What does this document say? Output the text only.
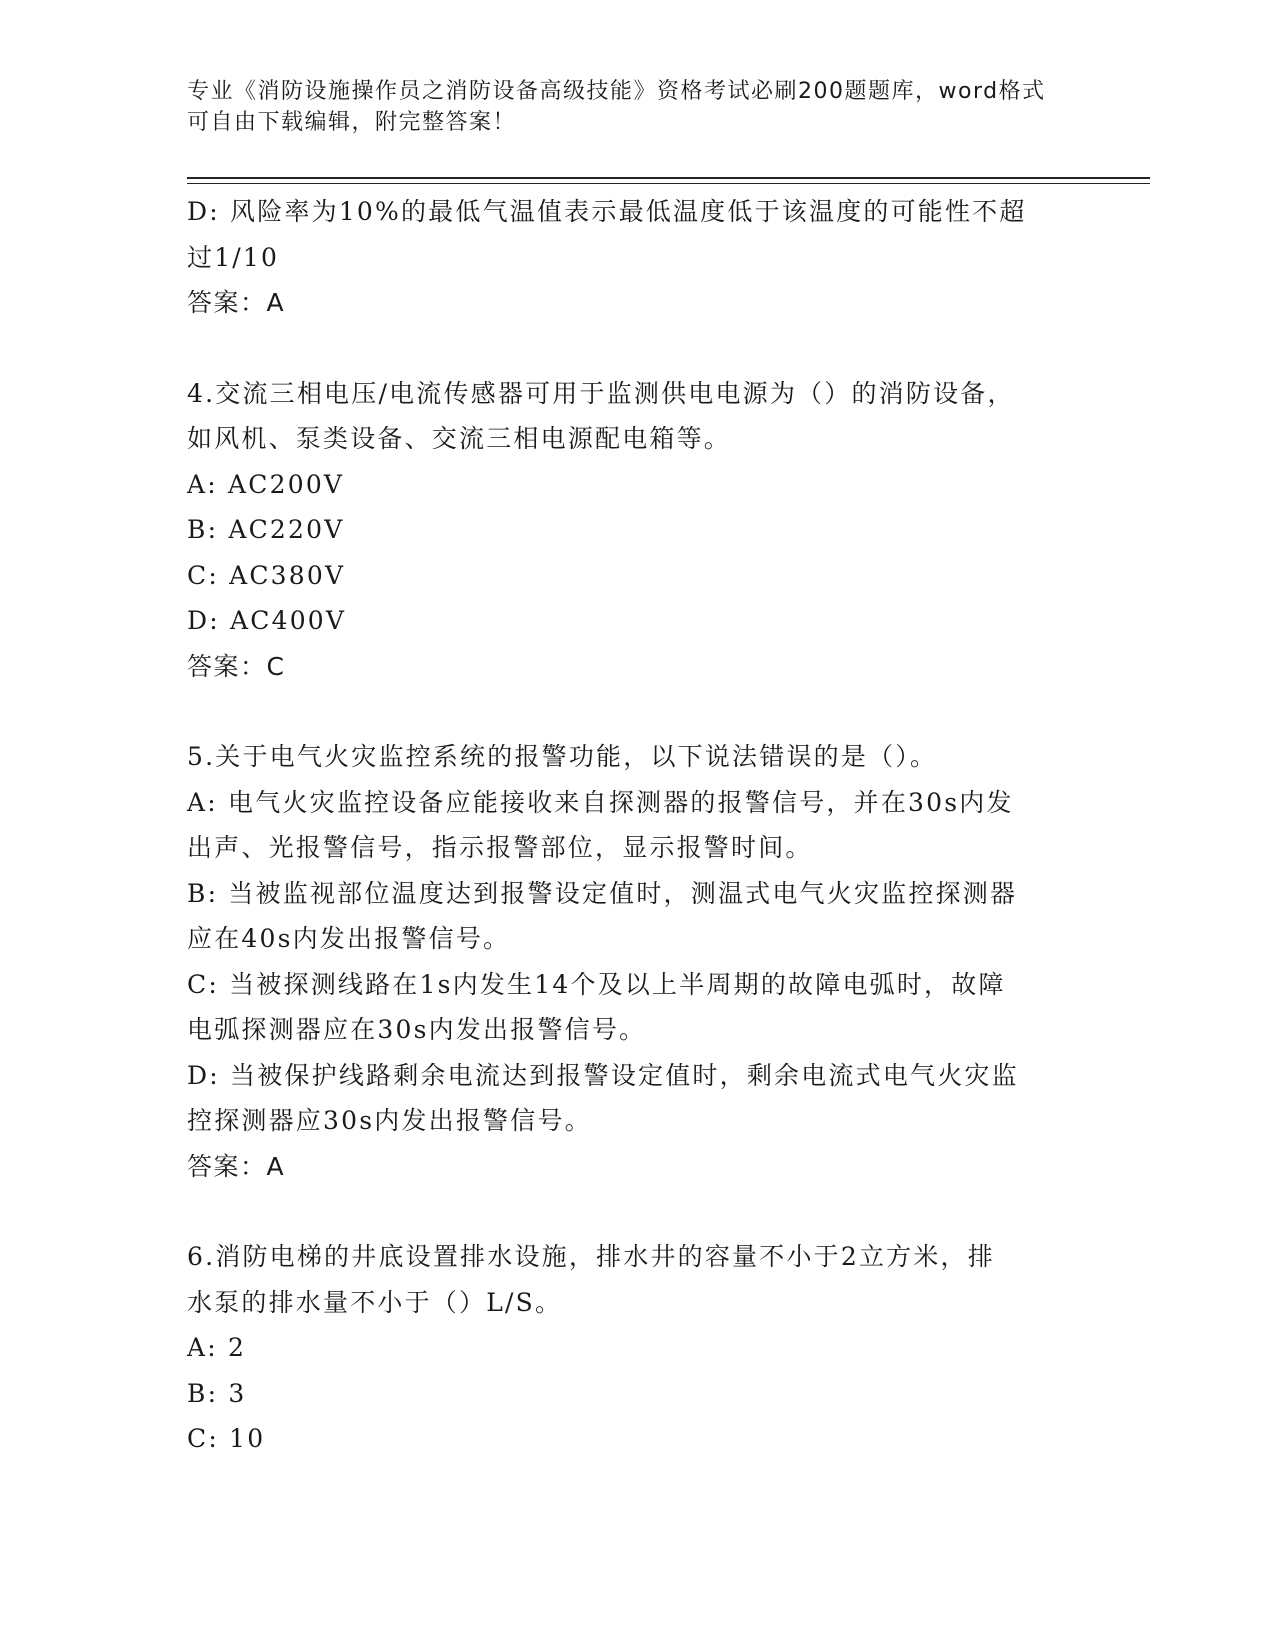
专业《消防设施操作员之消防设备高级技能》资格考试必刷200题题库，word格式可自由下载编辑，附完整答案！
D: 风险率为10%的最低气温值表示最低温度低于该温度的可能性不超
过1/10
答案：A
4.交流三相电压/电流传感器可用于监测供电电源为（）的消防设备，
如风机、泵类设备、交流三相电源配电箱等。
A: AC200V
B: AC220V
C: AC380V
D: AC400V
答案：C
5.关于电气火灾监控系统的报警功能，以下说法错误的是（）。
A: 电气火灾监控设备应能接收来自探测器的报警信号，并在30s内发
出声、光报警信号，指示报警部位，显示报警时间。
B: 当被监视部位温度达到报警设定值时，测温式电气火灾监控探测器
应在40s内发出报警信号。
C: 当被探测线路在1s内发生14个及以上半周期的故障电弧时，故障
电弧探测器应在30s内发出报警信号。
D: 当被保护线路剩余电流达到报警设定值时，剩余电流式电气火灾监
控探测器应30s内发出报警信号。
答案：A
6.消防电梯的井底设置排水设施，排水井的容量不小于2立方米，排
水泵的排水量不小于（）L/S。
A: 2
B: 3
C: 10
